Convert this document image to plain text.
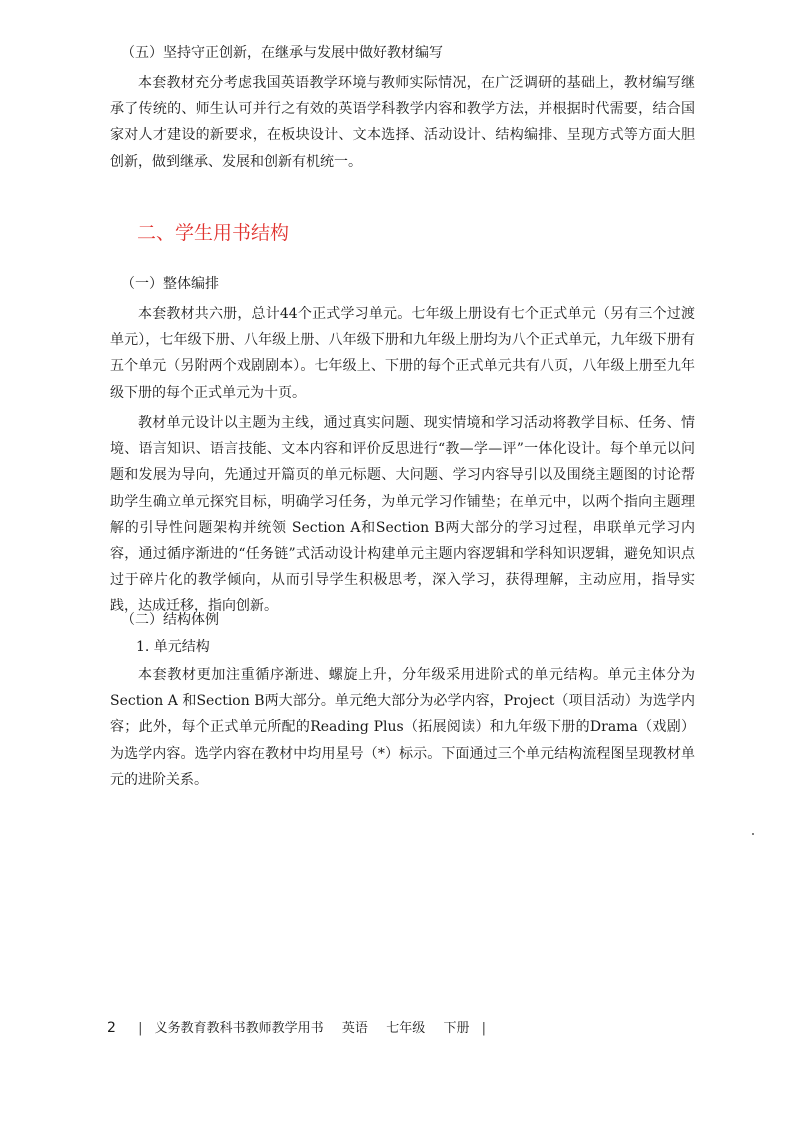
（五）坚持守正创新，在继承与发展中做好教材编写
本套教材充分考虑我国英语教学环境与教师实际情况，在广泛调研的基础上，教材编写继承了传统的、师生认可并行之有效的英语学科教学内容和教学方法，并根据时代需要，结合国家对人才建设的新要求，在板块设计、文本选择、活动设计、结构编排、呈现方式等方面大胆创新，做到继承、发展和创新有机统一。
二、学生用书结构
（一）整体编排
本套教材共六册，总计44个正式学习单元。七年级上册设有七个正式单元（另有三个过渡单元），七年级下册、八年级上册、八年级下册和九年级上册均为八个正式单元，九年级下册有五个单元（另附两个戏剧剧本）。七年级上、下册的每个正式单元共有八页，八年级上册至九年级下册的每个正式单元为十页。
教材单元设计以主题为主线，通过真实问题、现实情境和学习活动将教学目标、任务、情境、语言知识、语言技能、文本内容和评价反思进行“教—学—评”一体化设计。每个单元以问题和发展为导向，先通过开篇页的单元标题、大问题、学习内容导引以及围绕主题图的讨论帮助学生确立单元探究目标，明确学习任务，为单元学习作铺垫；在单元中，以两个指向主题理解的引导性问题架构并统领 Section A和Section B两大部分的学习过程，串联单元学习内容，通过循序渐进的“任务链”式活动设计构建单元主题内容逻辑和学科知识逻辑，避免知识点过于碎片化的教学倾向，从而引导学生积极思考，深入学习，获得理解，主动应用，指导实践，达成迁移，指向创新。
（二）结构体例
1. 单元结构
本套教材更加注重循序渐进、螺旋上升，分年级采用进阶式的单元结构。单元主体分为Section A 和Section B两大部分。单元绝大部分为必学内容，Project（项目活动）为选学内容；此外，每个正式单元所配的Reading Plus（拓展阅读）和九年级下册的Drama（戏剧）为选学内容。选学内容在教材中均用星号（*）标示。下面通过三个单元结构流程图呈现教材单元的进阶关系。
2 | 义务教育教科书教师教学用书 英语 七年级 下册 |
